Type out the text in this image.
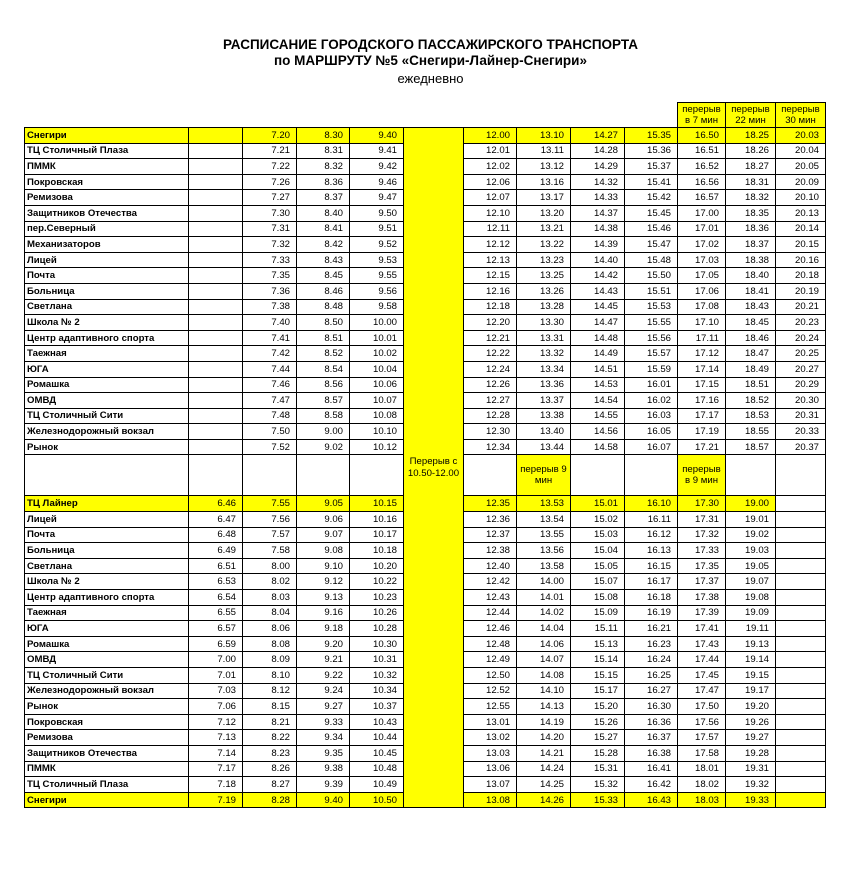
РАСПИСАНИЕ ГОРОДСКОГО ПАССАЖИРСКОГО ТРАНСПОРТА
по МАРШРУТУ №5 «Снегири-Лайнер-Снегири»
ежедневно
										перерыв в 7 мин	перерыв 22 мин	перерыв 30 мин
Снегири		7.20	8.30	9.40	Перерыв с 10.50-12.00	12.00	13.10	14.27	15.35	16.50	18.25	20.03
ТЦ Столичный Плаза		7.21	8.31	9.41		12.01	13.11	14.28	15.36	16.51	18.26	20.04
ПММК		7.22	8.32	9.42		12.02	13.12	14.29	15.37	16.52	18.27	20.05
Покровская		7.26	8.36	9.46		12.06	13.16	14.32	15.41	16.56	18.31	20.09
Ремизова		7.27	8.37	9.47		12.07	13.17	14.33	15.42	16.57	18.32	20.10
Защитников Отечества		7.30	8.40	9.50		12.10	13.20	14.37	15.45	17.00	18.35	20.13
пер.Северный		7.31	8.41	9.51		12.11	13.21	14.38	15.46	17.01	18.36	20.14
Механизаторов		7.32	8.42	9.52		12.12	13.22	14.39	15.47	17.02	18.37	20.15
Лицей		7.33	8.43	9.53		12.13	13.23	14.40	15.48	17.03	18.38	20.16
Почта		7.35	8.45	9.55		12.15	13.25	14.42	15.50	17.05	18.40	20.18
Больница		7.36	8.46	9.56		12.16	13.26	14.43	15.51	17.06	18.41	20.19
Светлана		7.38	8.48	9.58		12.18	13.28	14.45	15.53	17.08	18.43	20.21
Школа № 2		7.40	8.50	10.00		12.20	13.30	14.47	15.55	17.10	18.45	20.23
Центр адаптивного спорта		7.41	8.51	10.01		12.21	13.31	14.48	15.56	17.11	18.46	20.24
Таежная		7.42	8.52	10.02		12.22	13.32	14.49	15.57	17.12	18.47	20.25
ЮГА		7.44	8.54	10.04		12.24	13.34	14.51	15.59	17.14	18.49	20.27
Ромашка		7.46	8.56	10.06		12.26	13.36	14.53	16.01	17.15	18.51	20.29
ОМВД		7.47	8.57	10.07		12.27	13.37	14.54	16.02	17.16	18.52	20.30
ТЦ Столичный Сити		7.48	8.58	10.08		12.28	13.38	14.55	16.03	17.17	18.53	20.31
Железнодорожный вокзал		7.50	9.00	10.10		12.30	13.40	14.56	16.05	17.19	18.55	20.33
Рынок		7.52	9.02	10.12		12.34	13.44	14.58	16.07	17.21	18.57	20.37
							перерыв 9 мин			перерыв в 9 мин		
ТЦ Лайнер	6.46	7.55	9.05	10.15		12.35	13.53	15.01	16.10	17.30	19.00	
Лицей	6.47	7.56	9.06	10.16		12.36	13.54	15.02	16.11	17.31	19.01	
Почта	6.48	7.57	9.07	10.17		12.37	13.55	15.03	16.12	17.32	19.02	
Больница	6.49	7.58	9.08	10.18		12.38	13.56	15.04	16.13	17.33	19.03	
Светлана	6.51	8.00	9.10	10.20		12.40	13.58	15.05	16.15	17.35	19.05	
Школа № 2	6.53	8.02	9.12	10.22		12.42	14.00	15.07	16.17	17.37	19.07	
Центр адаптивного спорта	6.54	8.03	9.13	10.23		12.43	14.01	15.08	16.18	17.38	19.08	
Таежная	6.55	8.04	9.16	10.26		12.44	14.02	15.09	16.19	17.39	19.09	
ЮГА	6.57	8.06	9.18	10.28		12.46	14.04	15.11	16.21	17.41	19.11	
Ромашка	6.59	8.08	9.20	10.30		12.48	14.06	15.13	16.23	17.43	19.13	
ОМВД	7.00	8.09	9.21	10.31		12.49	14.07	15.14	16.24	17.44	19.14	
ТЦ Столичный Сити	7.01	8.10	9.22	10.32		12.50	14.08	15.15	16.25	17.45	19.15	
Железнодорожный вокзал	7.03	8.12	9.24	10.34		12.52	14.10	15.17	16.27	17.47	19.17	
Рынок	7.06	8.15	9.27	10.37		12.55	14.13	15.20	16.30	17.50	19.20	
Покровская	7.12	8.21	9.33	10.43		13.01	14.19	15.26	16.36	17.56	19.26	
Ремизова	7.13	8.22	9.34	10.44		13.02	14.20	15.27	16.37	17.57	19.27	
Защитников Отечества	7.14	8.23	9.35	10.45		13.03	14.21	15.28	16.38	17.58	19.28	
ПММК	7.17	8.26	9.38	10.48		13.06	14.24	15.31	16.41	18.01	19.31	
ТЦ Столичный Плаза	7.18	8.27	9.39	10.49		13.07	14.25	15.32	16.42	18.02	19.32	
Снегири	7.19	8.28	9.40	10.50		13.08	14.26	15.33	16.43	18.03	19.33	
